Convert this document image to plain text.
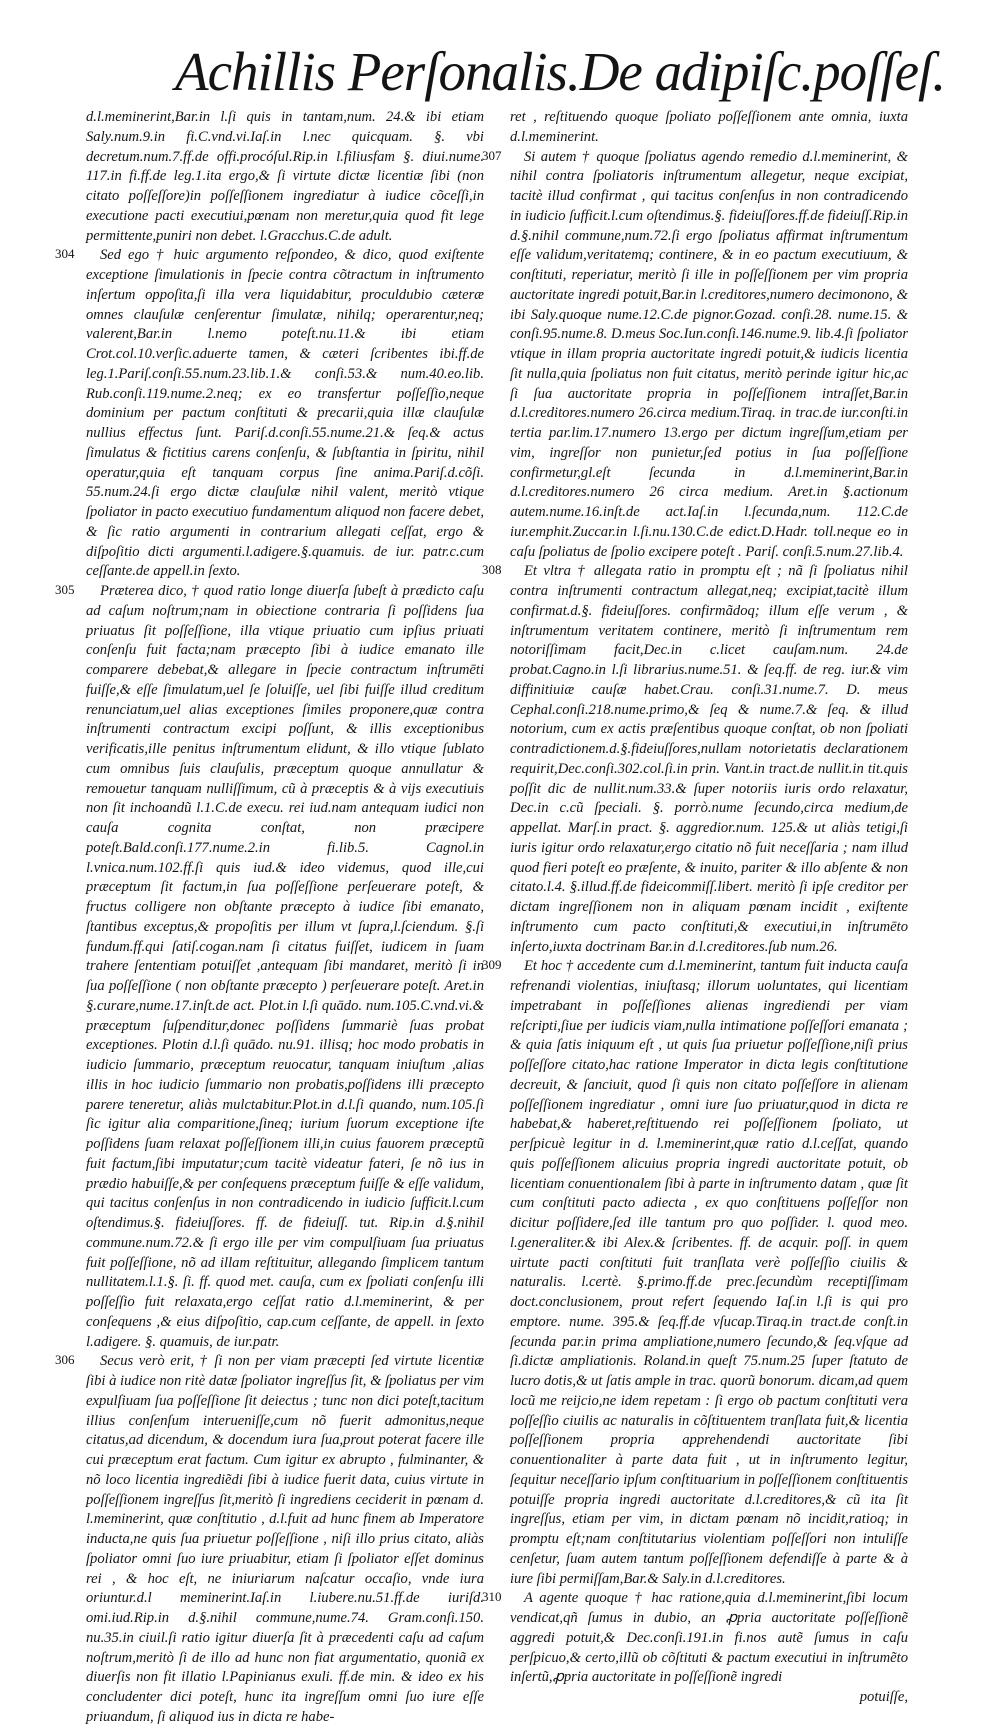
Achillis Perſonalis.De adipiſc.poſſeſ.

d.l.meminerint,Bar.in l.ſi quis in tantam,num. 24.& ibi etiam Saly.num.9.in fi.C.vnd.vi.Iaſ.in l.nec quicquam. §. vbi decretum.num.7.ff.de offi.procóſul.Rip.in l.filiusfam §. diui.nume. 117.in fi.ff.de leg.1.ita ergo,& ſi virtute dictæ licentiæ ſibi (non citato poſſeſſore)in poſſeſſionem ingrediatur à iudice cõceſſi,in executione pacti executiui,pœnam non meretur,quia quod fit lege permittente,puniri non debet. l.Gracchus.C.de adult.

304	Sed ego † huic argumento reſpondeo, & dico, quod exiſtente exceptione ſimulationis in ſpecie contra cõtractum in inſtrumento inſertum oppoſita,ſi illa vera liquidabitur, proculdubio cæteræ omnes clauſulæ cenſerentur ſimulatæ, nihilq; operarentur,neq; valerent,Bar.in l.nemo poteſt.nu.11.& ibi etiam Crot.col.10.verſic.aduerte tamen, & cæteri ſcribentes ibi.ff.de leg.1.Pariſ.conſi.55.num.23.lib.1.& conſi.53.& num.40.eo.lib. Rub.conſi.119.nume.2.neq; ex eo transfertur poſſeſſio,neque dominium per pactum conſtituti & precarii,quia illæ clauſulæ nullius effectus ſunt. Pariſ.d.conſi.55.nume.21.& ſeq.& actus ſimulatus & fictitius carens conſenſu, & ſubſtantia in ſpiritu, nihil operatur,quia eſt tanquam corpus ſine anima.Pariſ.d.cõſi. 55.num.24.ſi ergo dictæ clauſulæ nihil valent, meritò vtique ſpoliator in pacto executiuo fundamentum aliquod non facere debet, & ſic ratio argumenti in contrarium allegati ceſſat, ergo & diſpoſitio dicti argumenti.l.adigere.§.quamuis. de iur. patr.c.cum ceſſante.de appell.in ſexto.

305	Præterea dico, † quod ratio longe diuerſa ſubeſt à prædicto caſu ad caſum noſtrum;nam in obiectione contraria ſi poſſidens ſua priuatus ſit poſſeſſione, illa vtique priuatio cum ipſius priuati conſenſu fuit facta;nam præcepto ſibi à iudice emanato ille comparere debebat,& allegare in ſpecie contractum inſtrumēti fuiſſe,& eſſe ſimulatum,uel ſe ſoluiſſe, uel ſibi fuiſſe illud creditum renunciatum,uel alias exceptiones ſimiles proponere,quæ contra inſtrumenti contractum excipi poſſunt, & illis exceptionibus verificatis,ille penitus inſtrumentum elidunt, & illo vtique ſublato cum omnibus ſuis clauſulis, præceptum quoque annullatur & remouetur tanquam nulliſſimum, cũ à præceptis & à vijs executiuis non ſit inchoandũ l.1.C.de execu. rei iud.nam antequam iudici non cauſa cognita conſtat, non præcipere poteſt.Bald.conſi.177.nume.2.in fi.lib.5. Cagnol.in l.vnica.num.102.ff.ſi quis iud.& ideo videmus, quod ille,cui præceptum ſit factum,in ſua poſſeſſione perſeuerare poteſt, & fructus colligere non obſtante præcepto à iudice ſibi emanato, ſtantibus exceptus,& propoſitis per illum vt ſupra,l.ſciendum. §.ſi fundum.ff.qui ſatiſ.cogan.nam ſi citatus fuiſſet, iudicem in ſuam trahere ſententiam potuiſſet ,antequam ſibi mandaret, meritò ſi in ſua poſſeſſione ( non obſtante præcepto ) perſeuerare poteſt. Aret.in §.curare,nume.17.inſt.de act. Plot.in l.ſi quādo. num.105.C.vnd.vi.& præceptum ſuſpenditur,donec poſſidens ſummariè ſuas probat exceptiones. Plotin d.l.ſi quādo. nu.91. illisq; hoc modo probatis in iudicio ſummario, præceptum reuocatur, tanquam iniuſtum ,alias illis in hoc iudicio ſummario non probatis,poſſidens illi præcepto parere teneretur, aliàs mulctabitur.Plot.in d.l.ſi quando, num.105.ſi ſic igitur alia comparitione,ſineq; iurium ſuorum exceptione iſte poſſidens ſuam relaxat poſſeſſionem illi,in cuius fauorem præceptũ fuit factum,ſibi imputatur;cum tacitè videatur fateri, ſe nõ ius in prædio habuiſſe,& per conſequens præceptum fuiſſe & eſſe validum, qui tacitus conſenſus in non contradicendo in iudicio ſufficit.l.cum oſtendimus.§. fideiuſſores. ff. de fideiuſſ. tut. Rip.in d.§.nihil commune.num.72.& ſi ergo ille per vim compulſiuam ſua priuatus fuit poſſeſſione, nõ ad illam reſtituitur, allegando ſimplicem tantum nullitatem.l.1.§. ſi. ff. quod met. cauſa, cum ex ſpoliati conſenſu illi poſſeſſio fuit relaxata,ergo ceſſat ratio d.l.meminerint, & per conſequens ,& eius diſpoſitio, cap.cum ceſſante, de appell. in ſexto l.adigere. §. quamuis, de iur.patr.

306	Secus verò erit, † ſi non per viam præcepti ſed virtute licentiæ ſibi à iudice non ritè datæ ſpoliator ingreſſus ſit, & ſpoliatus per vim expulſiuam ſua poſſeſſione ſit deiectus ; tunc non dici poteſt,tacitum illius conſenſum interueniſſe,cum nõ fuerit admonitus,neque citatus,ad dicendum, & docendum iura ſua,prout poterat facere ille cui præceptum erat factum. Cum igitur ex abrupto , fulminanter, & nõ loco licentia ingrediẽdi ſibi à iudice fuerit data, cuius virtute in poſſeſſionem ingreſſus ſit,meritò ſi ingrediens ceciderit in pœnam d. l.meminerint, quæ conſtitutio , d.l.fuit ad hunc finem ab Imperatore inducta,ne quis ſua priuetur poſſeſſione , niſi illo prius citato, aliàs ſpoliator omni ſuo iure priuabitur, etiam ſi ſpoliator eſſet dominus rei , & hoc eſt, ne iniuriarum naſcatur occaſio, vnde iura oriuntur.d.l meminerint.Iaſ.in l.iubere.nu.51.ff.de iuriſd. omi.iud.Rip.in d.§.nihil commune,nume.74. Gram.conſi.150. nu.35.in ciuil.ſi ratio igitur diuerſa ſit à præcedenti caſu ad caſum noſtrum,meritò ſi de illo ad hunc non fiat argumentatio, quoniã ex diuerſis non fit illatio l.Papinianus exuli. ff.de min. & ideo ex his concludenter dici poteſt, hunc ita ingreſſum omni ſuo iure eſſe priuandum, ſi aliquod ius in dicta re habe-

ret , reſtituendo quoque ſpoliato poſſeſſionem ante omnia, iuxta d.l.meminerint.

307	Si autem † quoque ſpoliatus agendo remedio d.l.meminerint, & nihil contra ſpoliatoris inſtrumentum allegetur, neque excipiat, tacitè illud confirmat , qui tacitus conſenſus in non contradicendo in iudicio ſufficit.l.cum oſtendimus.§. fideiuſſores.ff.de fideiuſſ.Rip.in d.§.nihil commune,num.72.ſi ergo ſpoliatus affirmat inſtrumentum eſſe validum,veritatemq; continere, & in eo pactum executiuum, & conſtituti, reperiatur, meritò ſi ille in poſſeſſionem per vim propria auctoritate ingredi potuit,Bar.in l.creditores,numero decimonono, & ibi Saly.quoque nume.12.C.de pignor.Gozad. conſi.28. nume.15. & conſi.95.nume.8. D.meus Soc.Iun.conſi.146.nume.9. lib.4.ſi ſpoliator vtique in illam propria auctoritate ingredi potuit,& iudicis licentia ſit nulla,quia ſpoliatus non fuit citatus, meritò perinde igitur hic,ac ſi ſua auctoritate propria in poſſeſſionem intraſſet,Bar.in d.l.creditores.numero 26.circa medium.Tiraq. in trac.de iur.conſti.in tertia par.lim.17.numero 13.ergo per dictum ingreſſum,etiam per vim, ingreſſor non punietur,ſed potius in ſua poſſeſſione confirmetur,gl.eſt ſecunda in d.l.meminerint,Bar.in d.l.creditores.numero 26 circa medium. Aret.in §.actionum autem.nume.16.inſt.de act.Iaſ.in l.ſecunda,num. 112.C.de iur.emphit.Zuccar.in l.ſi.nu.130.C.de edict.D.Hadr. toll.neque eo in caſu ſpoliatus de ſpolio excipere poteſt . Pariſ. conſi.5.num.27.lib.4.

308	Et vltra † allegata ratio in promptu eſt ; nã ſi ſpoliatus nihil contra inſtrumenti contractum allegat,neq; excipiat,tacitè illum confirmat.d.§. fideiuſſores. confirmãdoq; illum eſſe verum , & inſtrumentum veritatem continere, meritò ſi inſtrumentum rem notoriſſimam facit,Dec.in c.licet cauſam.num. 24.de probat.Cagno.in l.ſi librarius.nume.51. & ſeq.ff. de reg. iur.& vim diffinitiuiæ cauſæ habet.Crau. conſi.31.nume.7. D. meus Cephal.conſi.218.nume.primo,& ſeq & nume.7.& ſeq. & illud notorium, cum ex actis præſentibus quoque conſtat, ob non ſpoliati contradictionem.d.§.fideiuſſores,nullam notorietatis declarationem requirit,Dec.conſi.302.col.ſi.in prin. Vant.in tract.de nullit.in tit.quis poſſit dic de nullit.num.33.& ſuper notoriis iuris ordo relaxatur, Dec.in c.cũ ſpeciali. §. porrò.nume ſecundo,circa medium,de appellat. Marſ.in pract. §. aggredior.num. 125.& ut aliàs tetigi,ſi iuris igitur ordo relaxatur,ergo citatio nõ fuit neceſſaria ; nam illud quod fieri poteſt eo præſente, & inuito, pariter & illo abſente & non citato.l.4. §.illud.ff.de fideicommiſſ.libert. meritò ſi ipſe creditor per dictam ingreſſionem non in aliquam pœnam incidit , exiſtente inſtrumento cum pacto conſtituti,& executiui,in inſtrumēto inſerto,iuxta doctrinam Bar.in d.l.creditores.ſub num.26.

309	Et hoc † accedente cum d.l.meminerint, tantum fuit inducta cauſa refrenandi violentias, iniuſtasq; illorum uoluntates, qui licentiam impetrabant in poſſeſſiones alienas ingrediendi per viam reſcripti,ſiue per iudicis viam,nulla intimatione poſſeſſori emanata ; & quia ſatis iniquum eſt , ut quis ſua priuetur poſſeſſione,niſi prius poſſeſſore citato,hac ratione Imperator in dicta legis conſtitutione decreuit, & ſanciuit, quod ſi quis non citato poſſeſſore in alienam poſſeſſionem ingrediatur , omni iure ſuo priuatur,quod in dicta re habebat,& haberet,reſtituendo rei poſſeſſionem ſpoliato, ut perſpicuè legitur in d. l.meminerint,quæ ratio d.l.ceſſat, quando quis poſſeſſionem alicuius propria ingredi auctoritate potuit, ob licentiam conuentionalem ſibi à parte in inſtrumento datam , quæ ſit cum conſtituti pacto adiecta , ex quo conſtituens poſſeſſor non dicitur poſſidere,ſed ille tantum pro quo poſſider. l. quod meo. l.generaliter.& ibi Alex.& ſcribentes. ff. de acquir. poſſ. in quem uirtute pacti conſtituti fuit tranſlata verè poſſeſſio ciuilis & naturalis. l.certè. §.primo.ff.de prec.ſecundùm receptiſſimam doct.conclusionem, prout refert ſequendo Iaſ.in l.ſi is qui pro emptore. nume. 395.& ſeq.ff.de vſucap.Tiraq.in tract.de conſt.in ſecunda par.in prima ampliatione,numero ſecundo,& ſeq.vſque ad ſi.dictæ ampliationis. Roland.in queſt 75.num.25 ſuper ſtatuto de lucro dotis,& ut ſatis ample in trac. quorũ bonorum. dicam,ad quem locũ me reijcio,ne idem repetam : ſi ergo ob pactum conſtituti vera poſſeſſio ciuilis ac naturalis in cõſtituentem tranſlata fuit,& licentia poſſeſſionem propria apprehendendi auctoritate ſibi conuentionaliter à parte data fuit , ut in inſtrumento legitur, ſequitur neceſſario ipſum conſtituarium in poſſeſſionem conſtituentis potuiſſe propria ingredi auctoritate d.l.creditores,& cũ ita ſit ingreſſus, etiam per vim, in dictam pœnam nõ incidit,ratioq; in promptu eſt;nam conſtitutarius violentiam poſſeſſori non intuliſſe cenſetur, ſuam autem tantum poſſeſſionem defendiſſe à parte & à iure ſibi permiſſam,Bar.& Saly.in d.l.creditores.

310	A agente quoque † hac ratione,quia d.l.meminerint,ſibi locum vendicat,qñ ſumus in dubio, an ꝓpria auctoritate poſſeſſionẽ aggredi potuit,& Dec.conſi.191.in fi.nos autẽ ſumus in caſu perſpicuo,& certo,illũ ob cõſtituti & pactum executiui in inſtrumẽto inſertũ,ꝓpria auctoritate in poſſeſſionẽ ingredi

potuiſſe,
